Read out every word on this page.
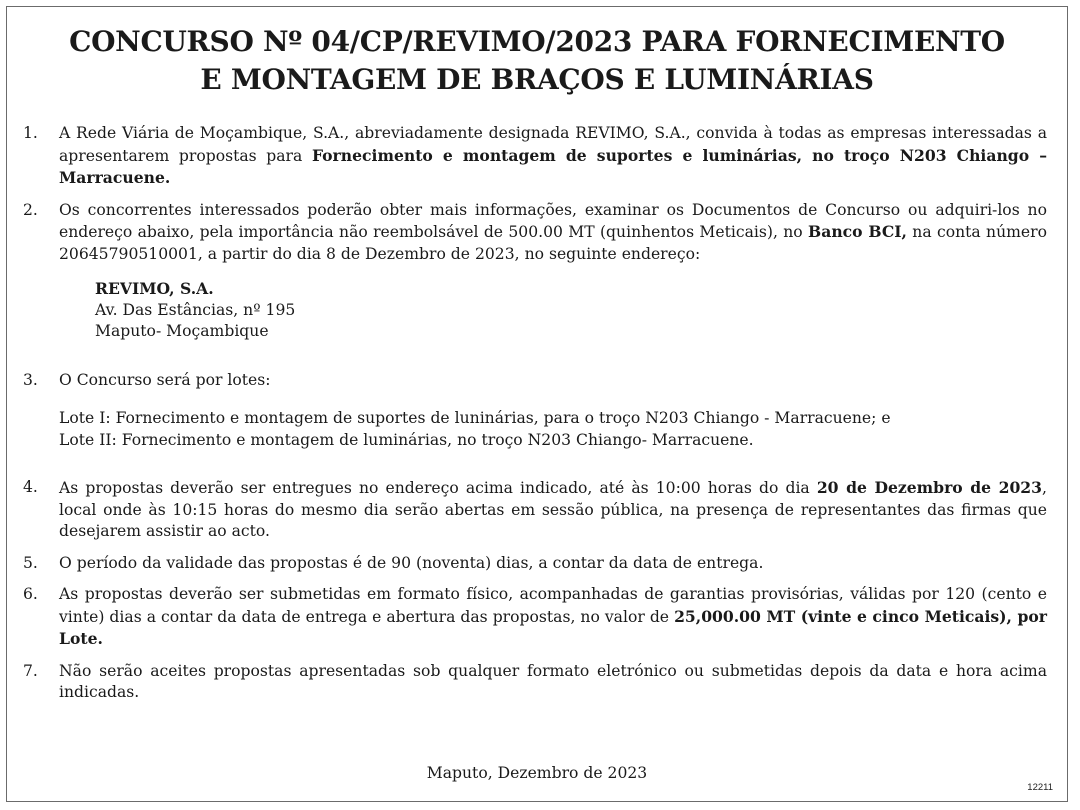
CONCURSO Nº 04/CP/REVIMO/2023 PARA FORNECIMENTO
E MONTAGEM DE BRAÇOS E LUMINÁRIAS
1. A Rede Viária de Moçambique, S.A., abreviadamente designada REVIMO, S.A., convida à todas as empresas interessadas a apresentarem propostas para Fornecimento e montagem de suportes e luminárias, no troço N203 Chiango – Marracuene.
2. Os concorrentes interessados poderão obter mais informações, examinar os Documentos de Concurso ou adquiri-los no endereço abaixo, pela importância não reembolsável de 500.00 MT (quinhentos Meticais), no Banco BCI, na conta número 20645790510001, a partir do dia 8 de Dezembro de 2023, no seguinte endereço:
REVIMO, S.A.
Av. Das Estâncias, nº 195
Maputo- Moçambique
3. O Concurso será por lotes:
Lote I: Fornecimento e montagem de suportes de luninárias, para o troço N203 Chiango - Marracuene; e
Lote II: Fornecimento e montagem de luminárias, no troço N203 Chiango- Marracuene.
4. As propostas deverão ser entregues no endereço acima indicado, até às 10:00 horas do dia 20 de Dezembro de 2023, local onde às 10:15 horas do mesmo dia serão abertas em sessão pública, na presença de representantes das firmas que desejarem assistir ao acto.
5. O período da validade das propostas é de 90 (noventa) dias, a contar da data de entrega.
6. As propostas deverão ser submetidas em formato físico, acompanhadas de garantias provisórias, válidas por 120 (cento e vinte) dias a contar da data de entrega e abertura das propostas, no valor de 25,000.00 MT (vinte e cinco Meticais), por Lote.
7. Não serão aceites propostas apresentadas sob qualquer formato eletrónico ou submetidas depois da data e hora acima indicadas.
Maputo, Dezembro de 2023
12211
